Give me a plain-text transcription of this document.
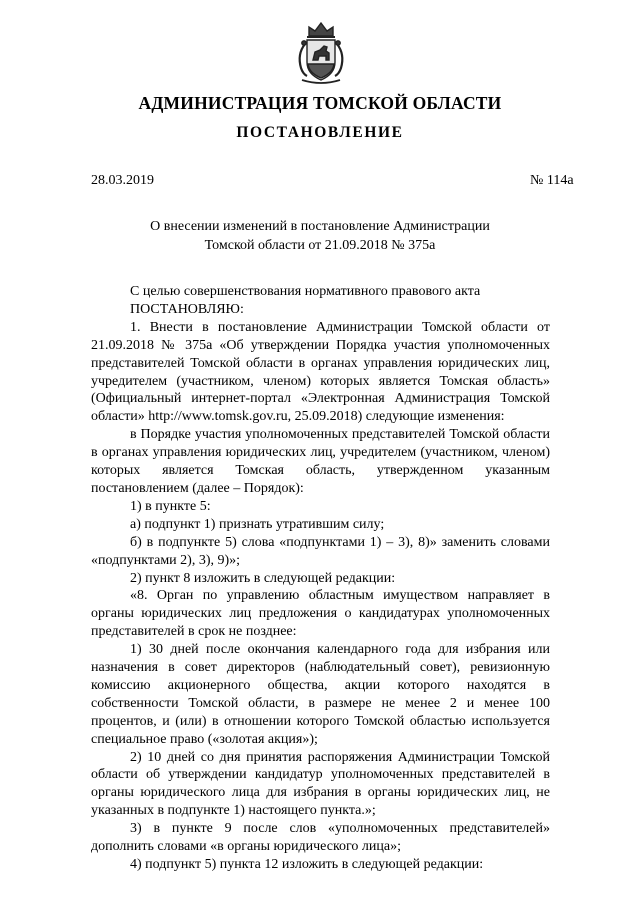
АДМИНИСТРАЦИЯ ТОМСКОЙ ОБЛАСТИ
ПОСТАНОВЛЕНИЕ
28.03.2019	№ 114а
О внесении изменений в постановление Администрации
Томской области от 21.09.2018 № 375а

С целью совершенствования нормативного правового акта

ПОСТАНОВЛЯЮ:

1. Внести в постановление Администрации Томской области от 21.09.2018 № 375а «Об утверждении Порядка участия уполномоченных представителей Томской области в органах управления юридических лиц, учредителем (участником, членом) которых является Томская область» (Официальный интернет-портал «Электронная Администрация Томской области» http://www.tomsk.gov.ru, 25.09.2018) следующие изменения:

в Порядке участия уполномоченных представителей Томской области в органах управления юридических лиц, учредителем (участником, членом) которых является Томская область, утвержденном указанным постановлением (далее – Порядок):

1) в пункте 5:

а) подпункт 1) признать утратившим силу;

б) в подпункте 5) слова «подпунктами 1) – 3), 8)» заменить словами «подпунктами 2), 3), 9)»;

2) пункт 8 изложить в следующей редакции:

«8. Орган по управлению областным имуществом направляет в органы юридических лиц предложения о кандидатурах уполномоченных представителей в срок не позднее:

1) 30 дней после окончания календарного года для избрания или назначения в совет директоров (наблюдательный совет), ревизионную комиссию акционерного общества, акции которого находятся в собственности Томской области, в размере не менее 2 и менее 100 процентов, и (или) в отношении которого Томской областью используется специальное право («золотая акция»);

2) 10 дней со дня принятия распоряжения Администрации Томской области об утверждении кандидатур уполномоченных представителей в органы юридического лица для избрания в органы юридических лиц, не указанных в подпункте 1) настоящего пункта.»;

3) в пункте 9 после слов «уполномоченных представителей» дополнить словами «в органы юридического лица»;

4) подпункт 5) пункта 12 изложить в следующей редакции:
